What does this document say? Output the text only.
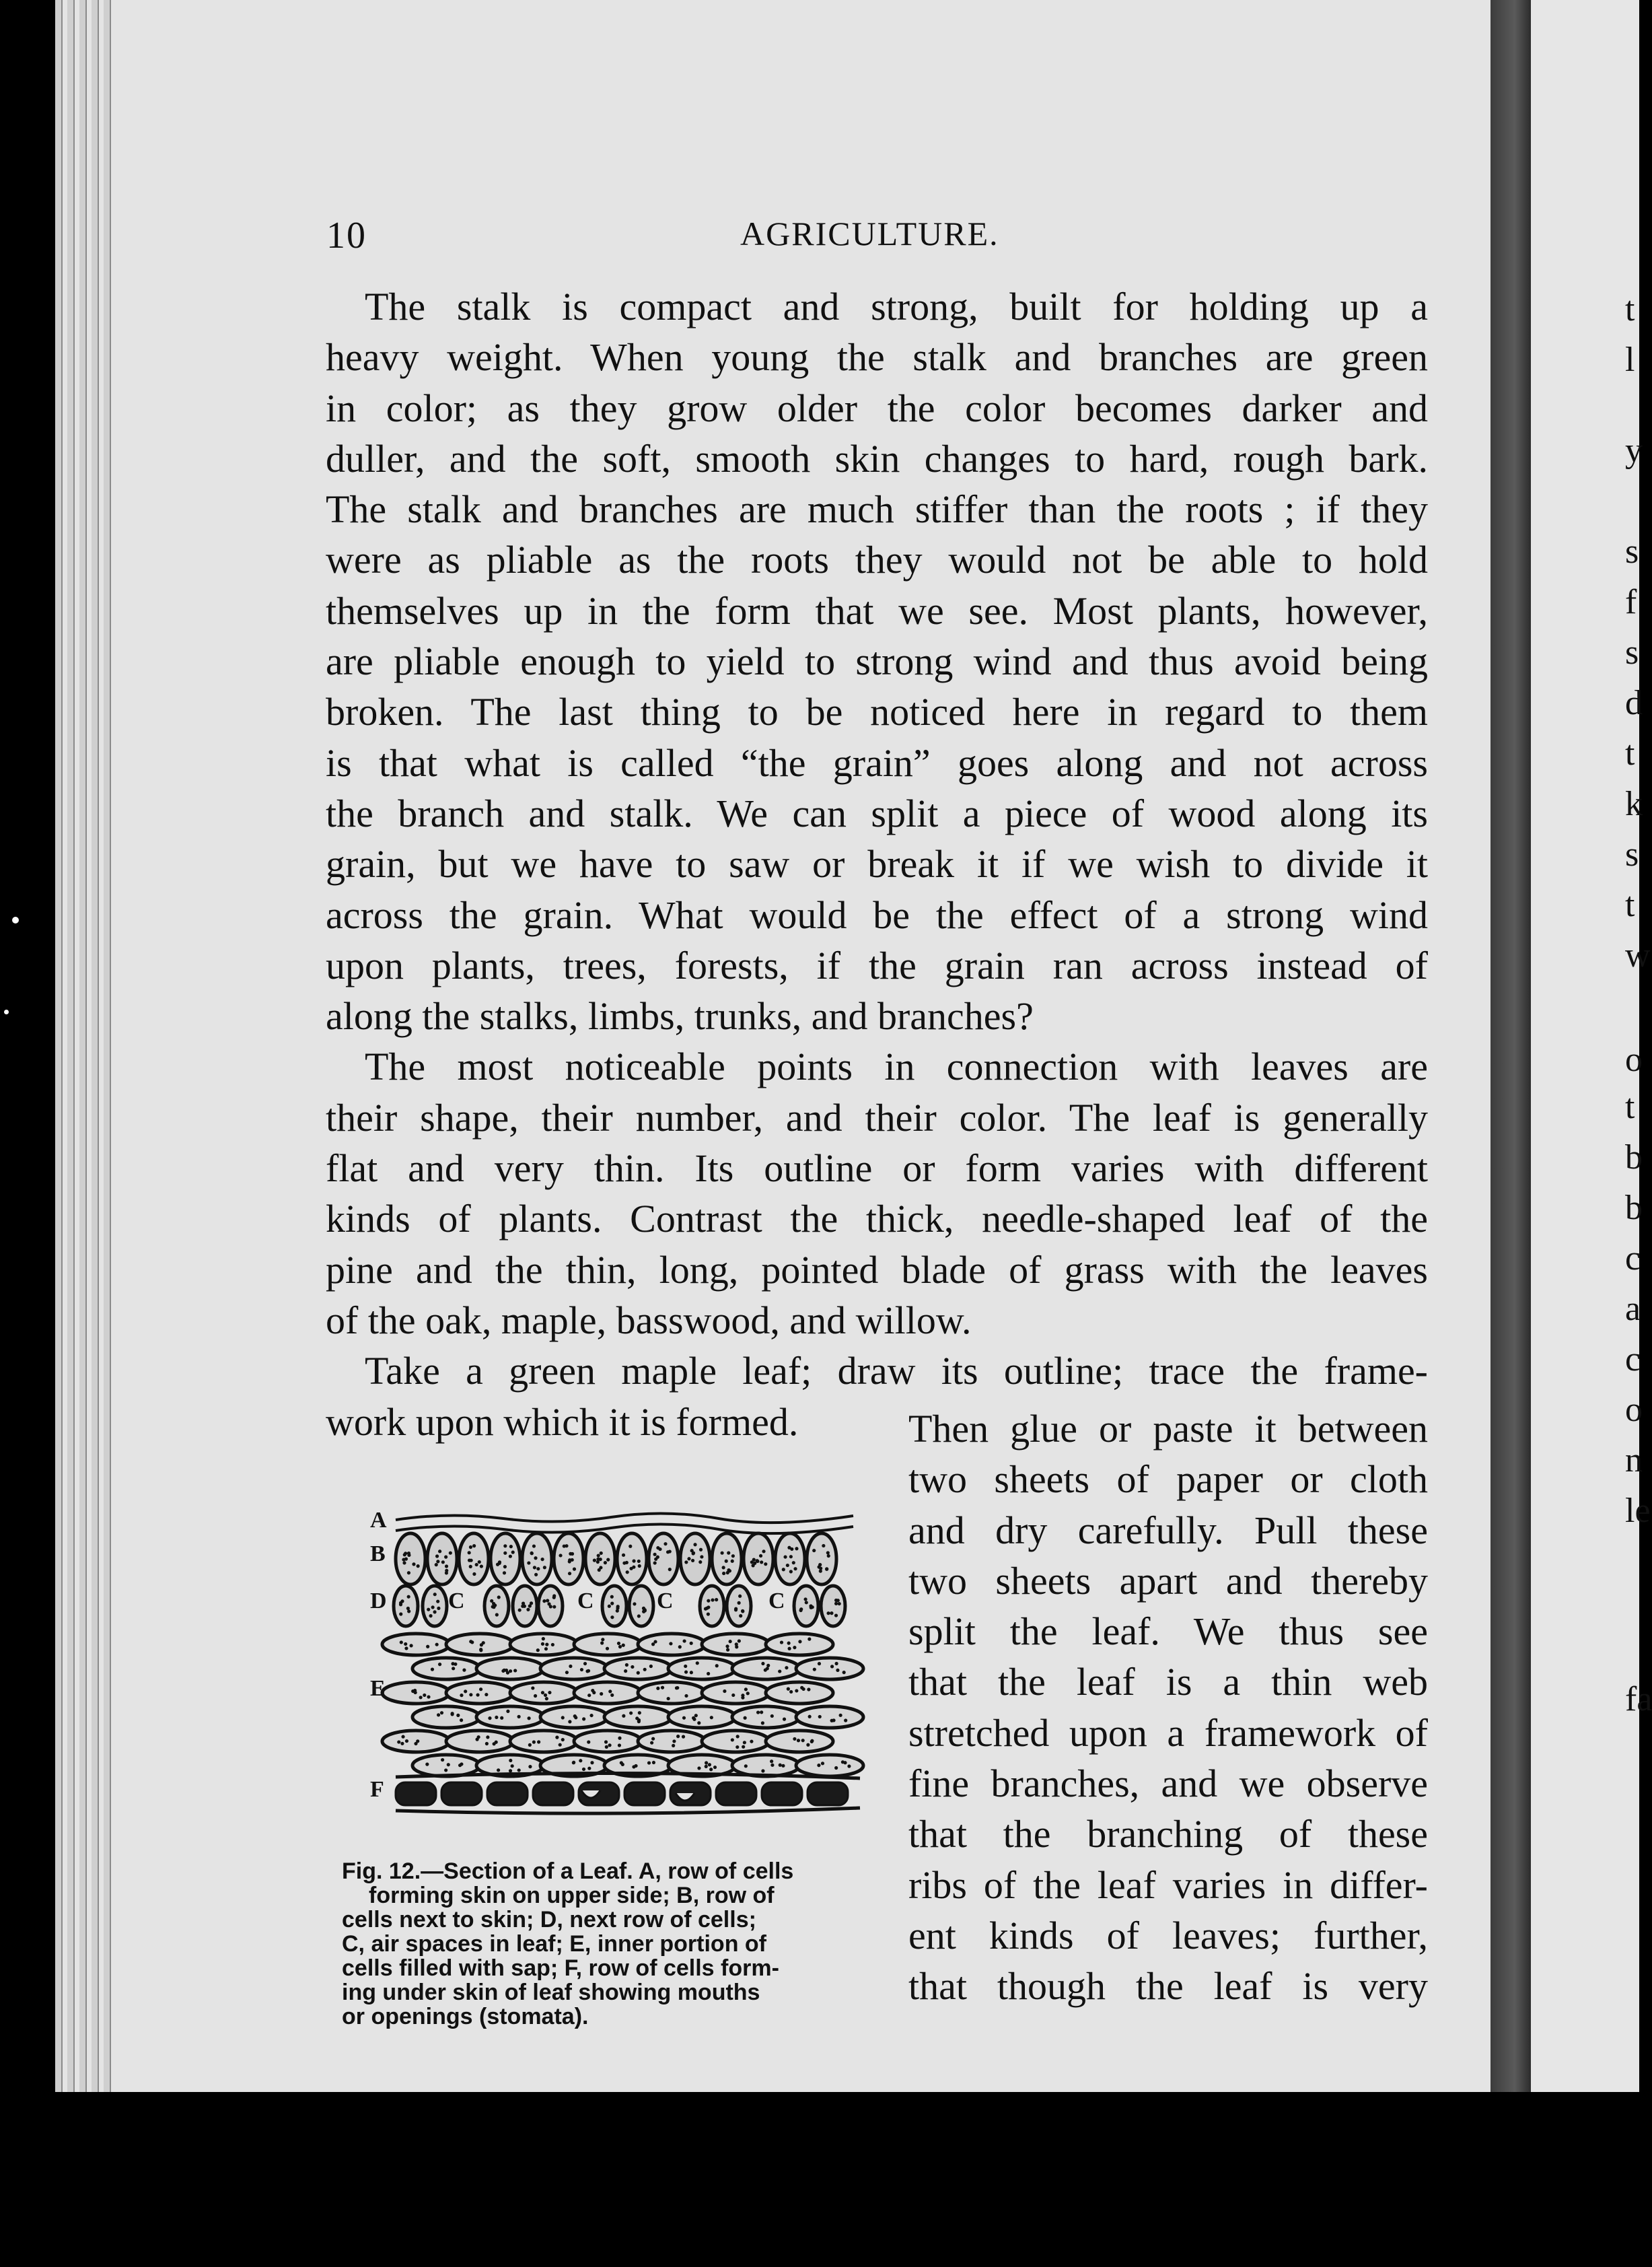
10	AGRICULTURE.
The stalk is compact and strong, built for holding up a
heavy weight. When young the stalk and branches are green
in color; as they grow older the color becomes darker and
duller, and the soft, smooth skin changes to hard, rough bark.
The stalk and branches are much stiffer than the roots ; if they
were as pliable as the roots they would not be able to hold
themselves up in the form that we see. Most plants, however,
are pliable enough to yield to strong wind and thus avoid being
broken. The last thing to be noticed here in regard to them
is that what is called “the grain” goes along and not across
the branch and stalk. We can split a piece of wood along its
grain, but we have to saw or break it if we wish to divide it
across the grain. What would be the effect of a strong wind
upon plants, trees, forests, if the grain ran across instead of
along the stalks, limbs, trunks, and branches?
The most noticeable points in connection with leaves are
their shape, their number, and their color. The leaf is generally
flat and very thin. Its outline or form varies with different
kinds of plants. Contrast the thick, needle-shaped leaf of the
pine and the thin, long, pointed blade of grass with the leaves
of the oak, maple, basswood, and willow.
Take a green maple leaf; draw its outline; trace the frame-
work upon which it is formed.	Then glue or paste it between
two sheets of paper or cloth
and dry carefully. Pull these
two sheets apart and thereby
split the leaf. We thus see
that the leaf is a thin web
stretched upon a framework of
fine branches, and we observe
that the branching of these
ribs of the leaf varies in differ-
ent kinds of leaves; further,
that though the leaf is very
A
B
D
E
F
C	C	C	C
Fig. 12.—Section of a Leaf. A, row of cells
forming skin on upper side; B, row of
cells next to skin; D, next row of cells;
C, air spaces in leaf; E, inner portion of
cells filled with sap; F, row of cells form-
ing under skin of leaf showing mouths
or openings (stomata).
t
l
y
s
f
s
d
t
k
s
t
w
o
t
b
b
c
a
c
o
n
le
fa
